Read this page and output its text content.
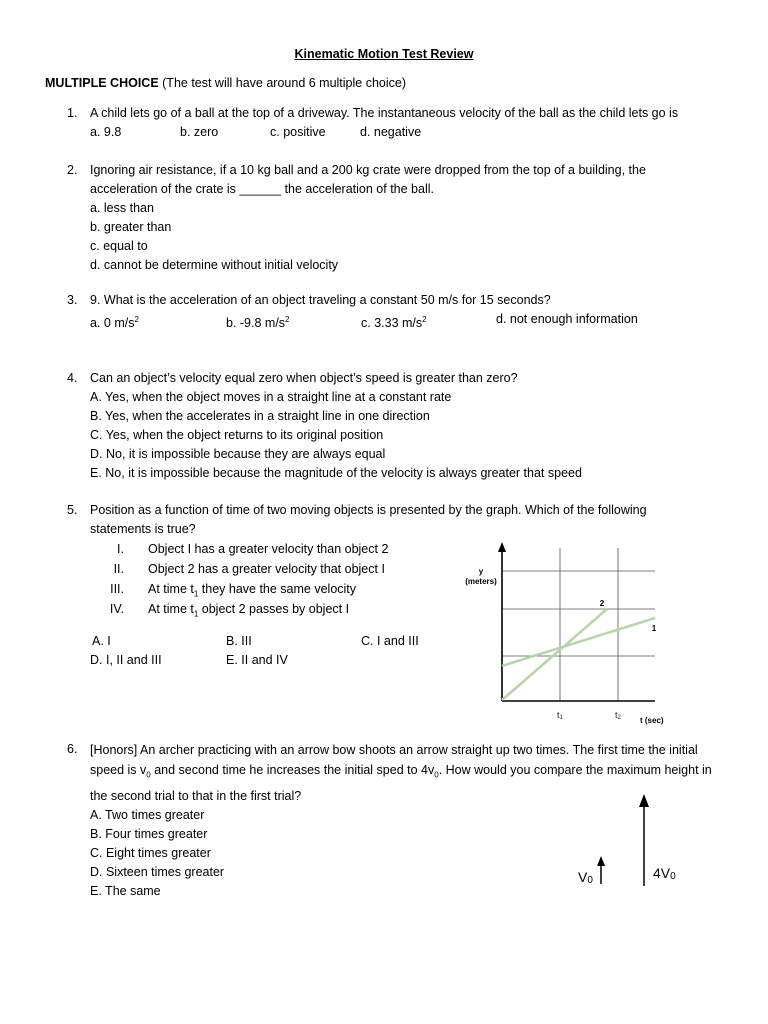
Kinematic Motion Test Review
MULTIPLE CHOICE (The test will have around 6 multiple choice)
1. A child lets go of a ball at the top of a driveway. The instantaneous velocity of the ball as the child lets go is
a. 9.8	b. zero	c. positive	d. negative
2. Ignoring air resistance, if a 10 kg ball and a 200 kg crate were dropped from the top of a building, the acceleration of the crate is ______ the acceleration of the ball.
a. less than
b. greater than
c. equal to
d. cannot be determine without initial velocity
3. 9. What is the acceleration of an object traveling a constant 50 m/s for 15 seconds?
a. 0 $m/s^2$	b. -9.8 $m/s^2$	c. 3.33 $m/s^2$	d. not enough information
4. Can an object’s velocity equal zero when object’s speed is greater than zero?
A. Yes, when the object moves in a straight line at a constant rate
B. Yes, when the accelerates in a straight line in one direction
C. Yes, when the object returns to its original position
D. No, it is impossible because they are always equal
E. No, it is impossible because the magnitude of the velocity is always greater that speed
5. Position as a function of time of two moving objects is presented by the graph. Which of the following statements is true?
I. Object I has a greater velocity than object 2
II. Object 2 has a greater velocity that object I
III. At time $t_1$ they have the same velocity
IV. At time $t_1$ object 2 passes by object I
A. I	B. III	C. I and III
D. I, II and III	E. II and IV
y
(meters)
2
1
t1	t2 t (sec)
6. [Honors] An archer practicing with an arrow bow shoots an arrow straight up two times. The first time the initial speed is $v_0$ and second time he increases the initial sped to $4v_0$. How would you compare the maximum height in the second trial to that in the first trial?
A. Two times greater
B. Four times greater
C. Eight times greater
D. Sixteen times greater
E. The same
V0	4V0
